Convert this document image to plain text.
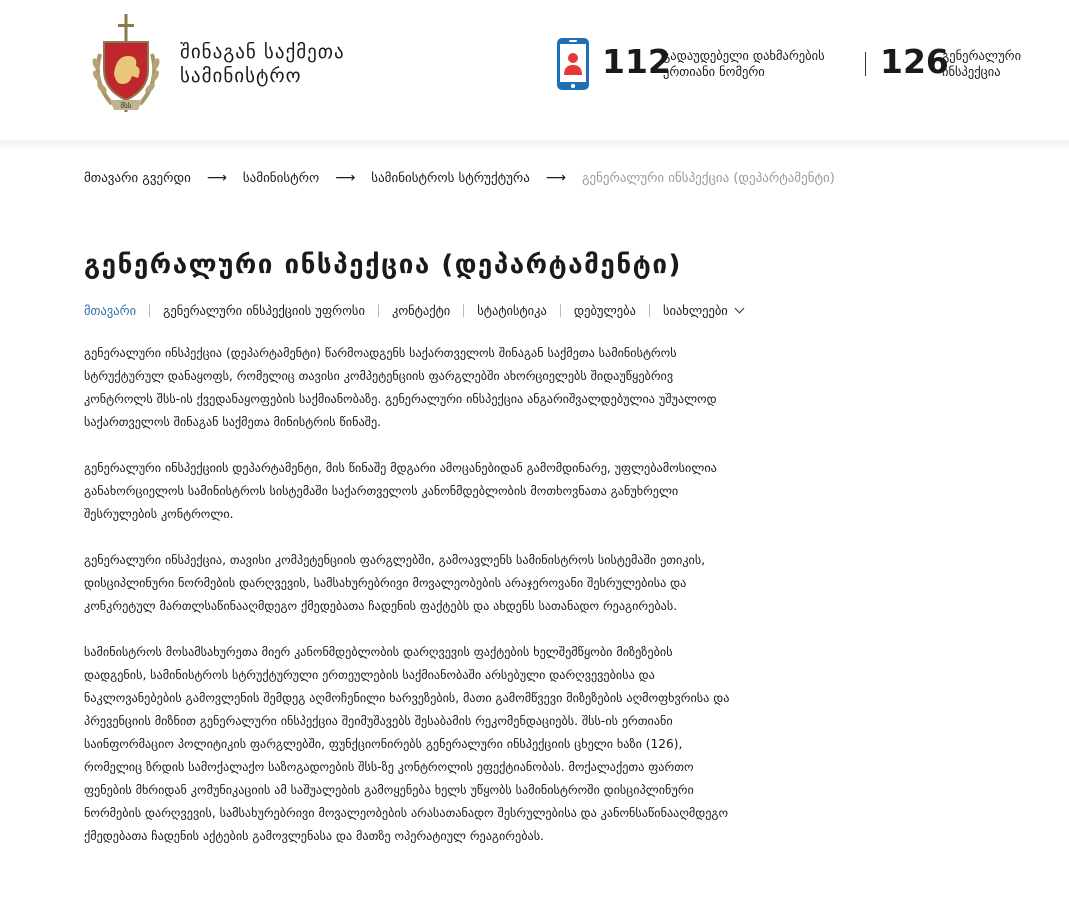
შსს
შინაგან საქმეთა
სამინისტრო	112
გადაუდებელი დახმარების
ერთიანი ნომერი	126
გენერალური
ინსპექცია
მთავარი გვერდი ⟶ სამინისტრო ⟶ სამინისტროს სტრუქტურა ⟶ გენერალური ინსპექცია (დეპარტამენტი)
გენერალური ინსპექცია (დეპარტამენტი)
მთავარი გენერალური ინსპექციის უფროსი კონტაქტი სტატისტიკა დებულება სიახლეები

გენერალური ინსპექცია (დეპარტამენტი) წარმოადგენს საქართველოს შინაგან საქმეთა სამინისტროს სტრუქტურულ დანაყოფს, რომელიც თავისი კომპეტენციის ფარგლებში ახორციელებს შიდაუწყებრივ კონტროლს შსს-ის ქვედანაყოფების საქმიანობაზე. გენერალური ინსპექცია ანგარიშვალდებულია უშუალოდ საქართველოს შინაგან საქმეთა მინისტრის წინაშე.

გენერალური ინსპექციის დეპარტამენტი, მის წინაშე მდგარი ამოცანებიდან გამომდინარე, უფლებამოსილია განახორციელოს სამინისტროს სისტემაში საქართველოს კანონმდებლობის მოთხოვნათა განუხრელი შესრულების კონტროლი.

გენერალური ინსპექცია, თავისი კომპეტენციის ფარგლებში, გამოავლენს სამინისტროს სისტემაში ეთიკის, დისციპლინური ნორმების დარღვევის, სამსახურებრივი მოვალეობების არაჯეროვანი შესრულებისა და კონკრეტულ მართლსაწინააღმდეგო ქმედებათა ჩადენის ფაქტებს და ახდენს სათანადო რეაგირებას.

სამინისტროს მოსამსახურეთა მიერ კანონმდებლობის დარღვევის ფაქტების ხელშემწყობი მიზეზების დადგენის, სამინისტროს სტრუქტურული ერთეულების საქმიანობაში არსებული დარღვევებისა და ნაკლოვანებების გამოვლენის შემდეგ აღმოჩენილი ხარვეზების, მათი გამომწვევი მიზეზების აღმოფხვრისა და პრევენციის მიზნით გენერალური ინსპექცია შეიმუშავებს შესაბამის რეკომენდაციებს. შსს-ის ერთიანი საინფორმაციო პოლიტიკის ფარგლებში, ფუნქციონირებს გენერალური ინსპექციის ცხელი ხაზი (126), რომელიც ზრდის სამოქალაქო საზოგადოების შსს-ზე კონტროლის ეფექტიანობას. მოქალაქეთა ფართო ფენების მხრიდან კომუნიკაციის ამ საშუალების გამოყენება ხელს უწყობს სამინისტროში დისციპლინური ნორმების დარღვევის, სამსახურებრივი მოვალეობების არასათანადო შესრულებისა და კანონსაწინააღმდეგო ქმედებათა ჩადენის აქტების გამოვლენასა და მათზე ოპერატიულ რეაგირებას.
